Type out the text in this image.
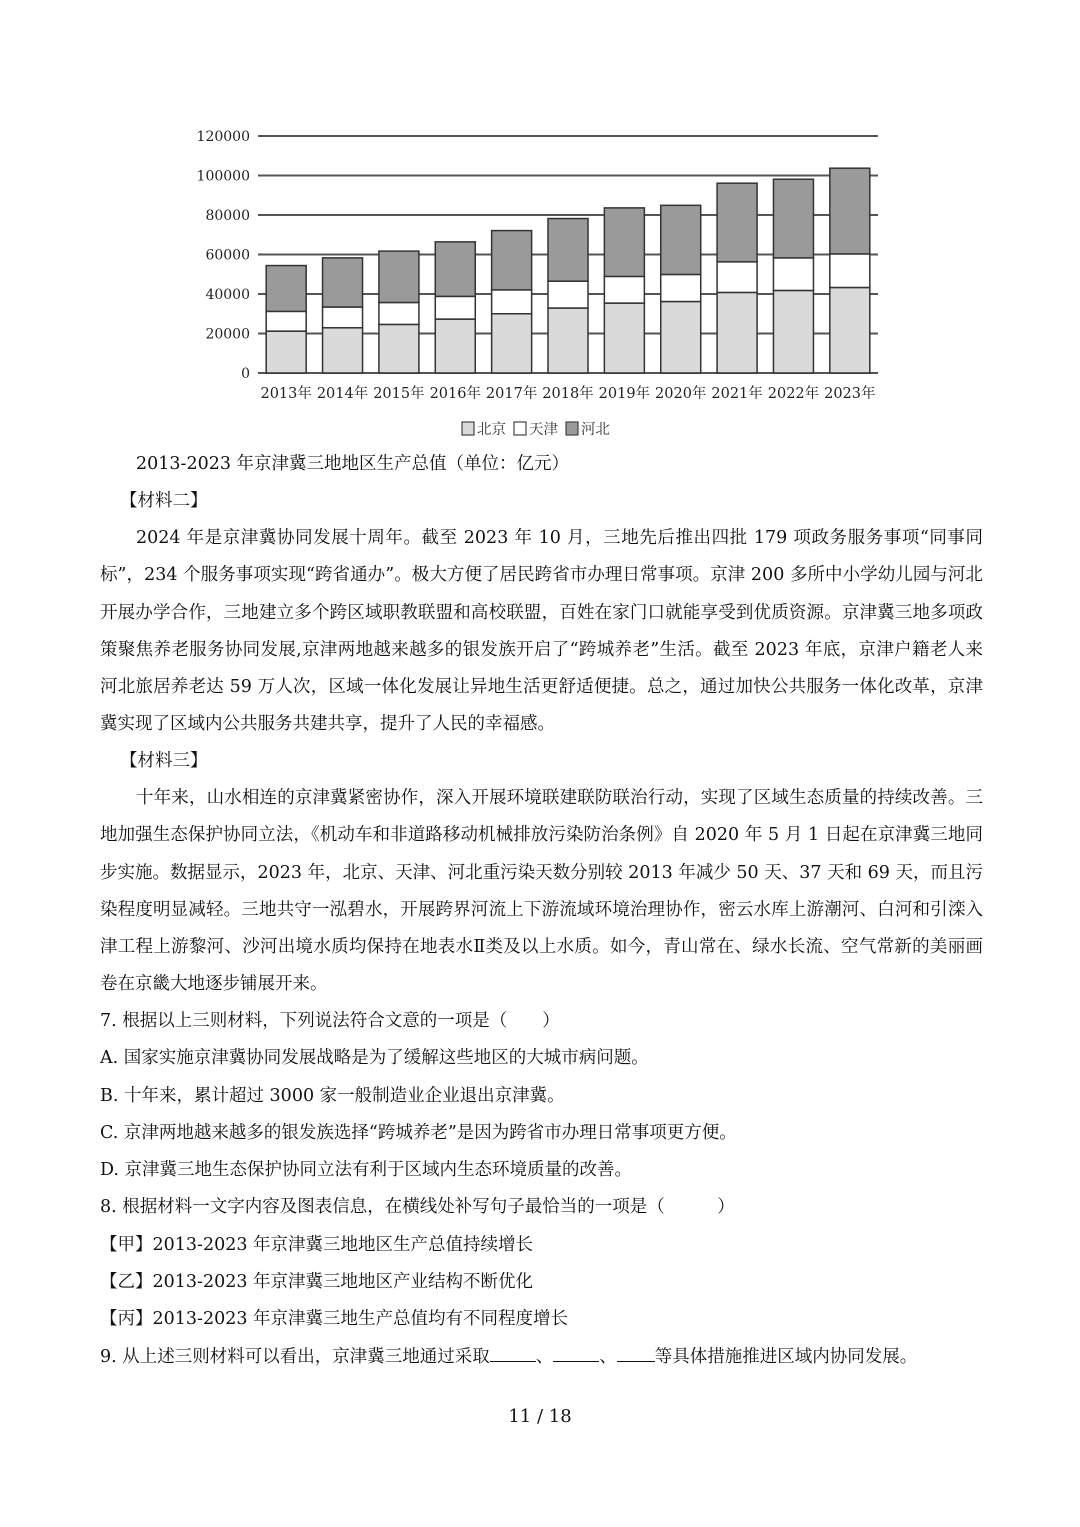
0
20000
40000
60000
80000
100000
120000
2013年 2014年 2015年 2016年 2017年 2018年 2019年 2020年 2021年 2022年 2023年
北京 天津 河北
2013-2023 年京津冀三地地区生产总值（单位：亿元）
【材料二】
2024 年是京津冀协同发展十周年。截至 2023 年 10 月，三地先后推出四批 179 项政务服务事项“同事同标”，234 个服务事项实现“跨省通办”。极大方便了居民跨省市办理日常事项。京津 200 多所中小学幼儿园与河北开展办学合作，三地建立多个跨区域职教联盟和高校联盟，百姓在家门口就能享受到优质资源。京津冀三地多项政策聚焦养老服务协同发展,京津两地越来越多的银发族开启了“跨城养老”生活。截至 2023 年底，京津户籍老人来河北旅居养老达 59 万人次，区域一体化发展让异地生活更舒适便捷。总之，通过加快公共服务一体化改革，京津冀实现了区域内公共服务共建共享，提升了人民的幸福感。
【材料三】
十年来，山水相连的京津冀紧密协作，深入开展环境联建联防联治行动，实现了区域生态质量的持续改善。三地加强生态保护协同立法，《机动车和非道路移动机械排放污染防治条例》自 2020 年 5 月 1 日起在京津冀三地同步实施。数据显示，2023 年，北京、天津、河北重污染天数分别较 2013 年减少 50 天、37 天和 69 天，而且污染程度明显减轻。三地共守一泓碧水，开展跨界河流上下游流域环境治理协作，密云水库上游潮河、白河和引滦入津工程上游黎河、沙河出境水质均保持在地表水Ⅱ类及以上水质。如今，青山常在、绿水长流、空气常新的美丽画卷在京畿大地逐步铺展开来。
7. 根据以上三则材料，下列说法符合文意的一项是（　　）
A. 国家实施京津冀协同发展战略是为了缓解这些地区的大城市病问题。
B. 十年来，累计超过 3000 家一般制造业企业退出京津冀。
C. 京津两地越来越多的银发族选择“跨城养老”是因为跨省市办理日常事项更方便。
D. 京津冀三地生态保护协同立法有利于区域内生态环境质量的改善。
8. 根据材料一文字内容及图表信息，在横线处补写句子最恰当的一项是（　　　）
【甲】2013-2023 年京津冀三地地区生产总值持续增长
【乙】2013-2023 年京津冀三地地区产业结构不断优化
【丙】2013-2023 年京津冀三地生产总值均有不同程度增长
9. 从上述三则材料可以看出，京津冀三地通过采取	、	、 等具体措施推进区域内协同发展。
11 / 18
